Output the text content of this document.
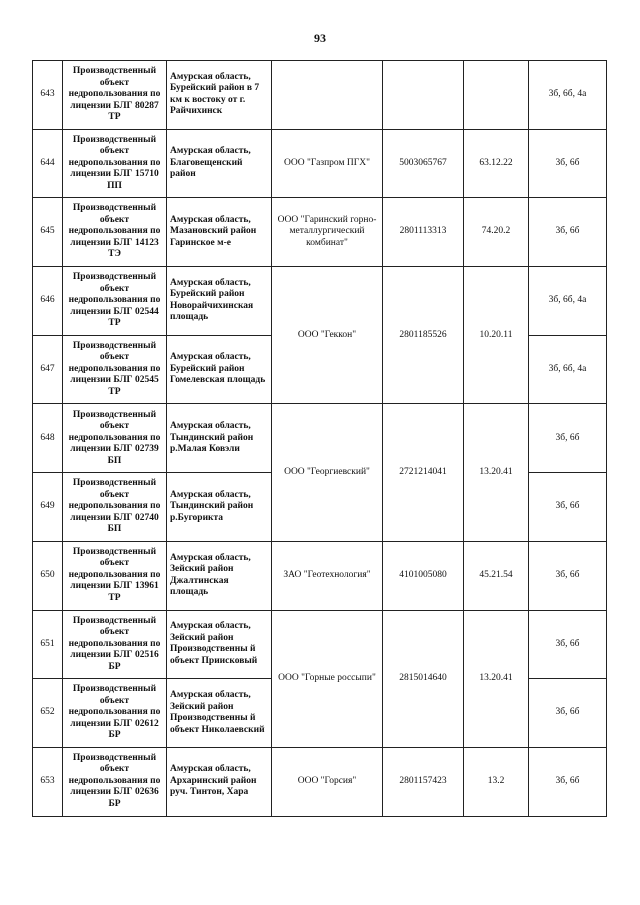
93
643	Производственный объект недропользования по лицензии БЛГ 80287 ТР	Амурская область, Бурейский район в 7 км к востоку от г. Райчихинск				3б, 6б, 4а
644	Производственный объект недропользования по лицензии БЛГ 15710 ПП	Амурская область, Благовещенский район	ООО "Газпром ПГХ"	5003065767	63.12.22	3б, 6б
645	Производственный объект недропользования по лицензии БЛГ 14123 ТЭ	Амурская область, Мазановский район Гаринское м-е	ООО "Гаринский горно-металлургический комбинат"	2801113313	74.20.2	3б, 6б
646	Производственный объект недропользования по лицензии БЛГ 02544 ТР	Амурская область, Бурейский район Новорайчихинская площадь	ООО "Геккон"	2801185526	10.20.11	3б, 6б, 4а
647	Производственный объект недропользования по лицензии БЛГ 02545 ТР	Амурская область, Бурейский район Гомелевская площадь				3б, 6б, 4а
648	Производственный объект недропользования по лицензии БЛГ 02739 БП	Амурская область, Тындинский район р.Малая Ковэли	ООО "Георгиевский"	2721214041	13.20.41	3б, 6б
649	Производственный объект недропользования по лицензии БЛГ 02740 БП	Амурская область, Тындинский район р.Бугорикта				3б, 6б
650	Производственный объект недропользования по лицензии БЛГ 13961 ТР	Амурская область, Зейский район Джалтинская площадь	ЗАО "Геотехнология"	4101005080	45.21.54	3б, 6б
651	Производственный объект недропользования по лицензии БЛГ 02516 БР	Амурская область, Зейский район Производственны й объект Приисковый	ООО "Горные россыпи"	2815014640	13.20.41	3б, 6б
652	Производственный объект недропользования по лицензии БЛГ 02612 БР	Амурская область, Зейский район Производственны й объект Николаевский				3б, 6б
653	Производственный объект недропользования по лицензии БЛГ 02636 БР	Амурская область, Архаринский район руч. Тинтон, Хара	ООО "Горсия"	2801157423	13.2	3б, 6б
